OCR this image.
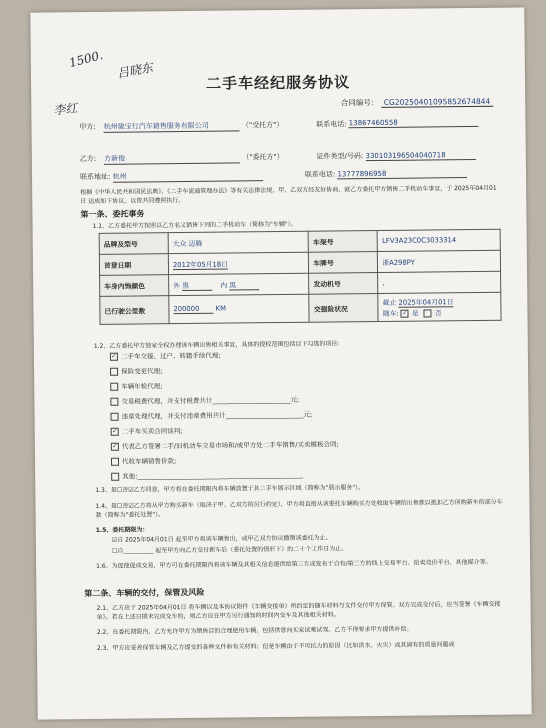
1500.
吕晓东
李红
二手车经纪服务协议
合同编号： CG20250401095852674844
甲方: 杭州骏宝行汽车销售服务有限公司	（"受托方"）	联系电话: 13867460558
乙方: 方新俊	（"委托方"）	证件类型/号码: 330103196504040718
联系地址: 杭州	联系电话: 13777896958
根据《中华人民共和国民法典》、《二手车流通管理办法》等有关法律法规，甲、乙双方经友好协商，就乙方委托甲方销售二手机动车事宜，于 2025年04月01日 达成如下协议，以资共同遵照执行。
第一条、委托事务
1.1、乙方委托甲方按照以乙方名义销售下列的二手机动车（简称为"车辆"）。
品牌及型号	大众 迈腾	车架号	LFV3A23C0C3033314
首登日期	2012年05月18日	车牌号	浙A298PY
车身内饰颜色	外 黑 内 黑	发动机号	,
已行驶公里数	200000 KM	交强险状况	截止 2025年04月01日
随车: ✓ 是 否
1.2、乙方委托甲方独家全权办理该车辆出售相关事宜，具体的授权范围包括以下勾选的项目：
✓ 二手车交接、过户、转籍手续代理;
保险变更代理;
车辆年检代理;
交易税费代理，并支付税费共计________________________元;
违章处理代理，并支付违章费用共计________________________元;
✓ 二手车买卖合同谈判;
✓ 代表乙方签署二手/旧机动车交易市场和/或甲方处二手车销售/买卖模板合同;
代收车辆销售价款;
其他:___________________________________________________
1.3、是☐否☑乙方同意，甲方将在委托期限内将车辆放置于其二手车展示区域（简称为"展示服务"）。
1.4、是☐否☑乙方将从甲方购买新车（取决于甲、乙双方的另行约定），甲方将直接从该委托车辆购买方处收取车辆的出售款以抵扣乙方所购新车的部分车款（简称为"委托处置"）。
1.5、委托期限为：
☑自 2025年04月01日 起至甲方将该车辆售出，或甲乙双方协议撤销该委托为止。
☐自__________ 起至甲方向乙方交付新车后（委托处置的情形下）的二十个工作日为止。
1.6、为促使促成交易，甲方可在委托期限内将该车辆及其相关信息提供给第三方或发布于自有/第三方的线上交易平台、拍卖竞价平台、其他媒介等。
第二条、车辆的交付，保管及风险
2.1、乙方应于 2025年04月01日 将车辆以及本协议附件《车辆交接单》所约定的随车材料与文件交付甲方保管。双方完成交付后，应当签署《车辆交接单》。若在上述日期未完成交车的，则乙方应在甲方另行通知的时间内交车及其他相关材料。
2.2、在委托期限内，乙方允许甲方为销售目的合理使用车辆，包括供意向买家试乘试驾。乙方不得要求甲方提供补偿。
2.3、甲方应妥善保管车辆及乙方提交的各种文件和有关材料；但是车辆由于不可抗力的原因（比如洪水、火灾）或其固有的质量问题或
